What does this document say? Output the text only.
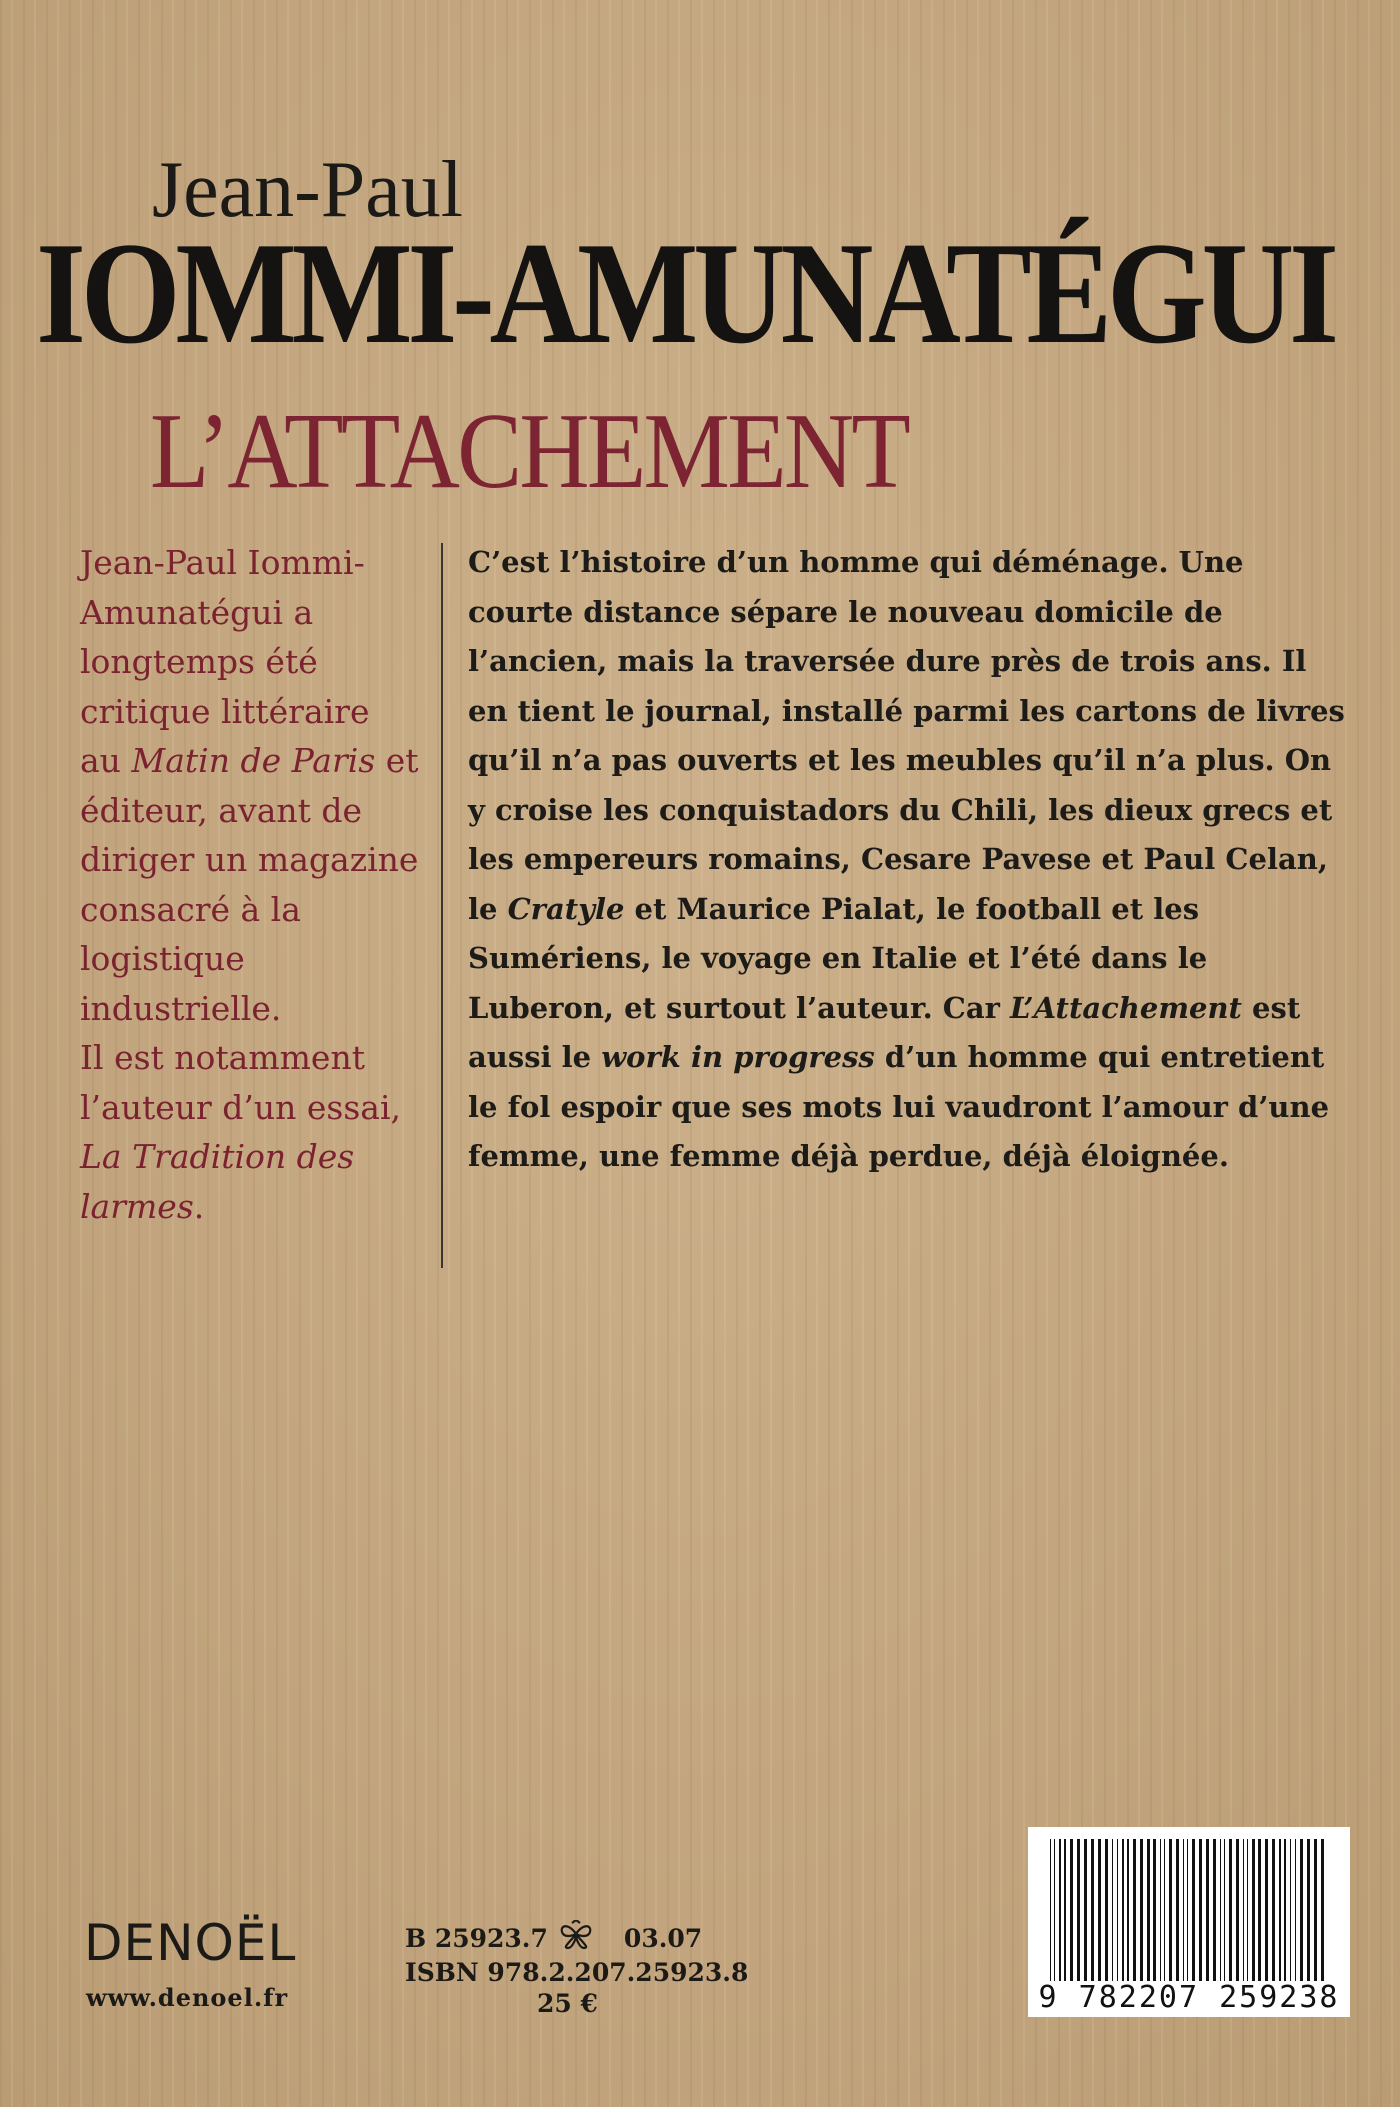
Jean-Paul
IOMMI-AMUNATÉGUI
L’ATTACHEMENT
Jean-Paul Iommi-Amunatégui a longtemps été critique littéraire au Matin de Paris et éditeur, avant de diriger un magazine consacré à la logistique industrielle.
Il est notamment l’auteur d’un essai, La Tradition des larmes.
C’est l’histoire d’un homme qui déménage. Une courte distance sépare le nouveau domicile de l’ancien, mais la traversée dure près de trois ans. Il en tient le journal, installé parmi les cartons de livres qu’il n’a pas ouverts et les meubles qu’il n’a plus. On y croise les conquistadors du Chili, les dieux grecs et les empereurs romains, Cesare Pavese et Paul Celan, le Cratyle et Maurice Pialat, le football et les Sumériens, le voyage en Italie et l’été dans le Luberon, et surtout l’auteur. Car L’Attachement est aussi le work in progress d’un homme qui entretient le fol espoir que ses mots lui vaudront l’amour d’une femme, une femme déjà perdue, déjà éloignée.
DENOËL
www.denoel.fr
B 25923.7	03.07
ISBN 978.2.207.25923.8
25 €	9 782207 259238
